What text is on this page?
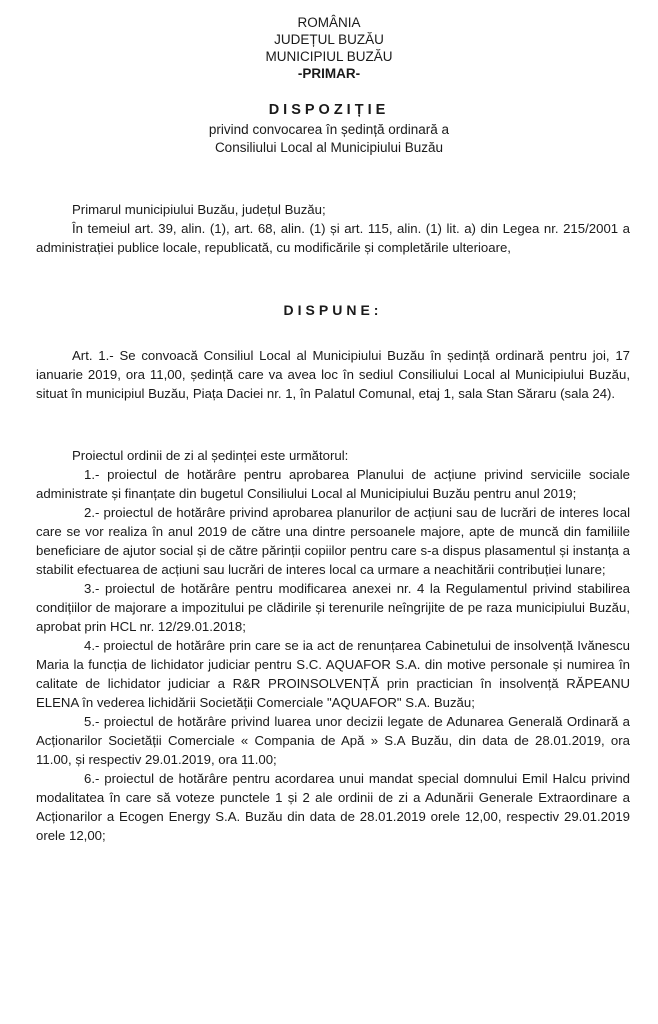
ROMÂNIA
JUDEȚUL BUZĂU
MUNICIPIUL BUZĂU
-PRIMAR-
DISPOZIȚIE
privind convocarea în ședință ordinară a
Consiliului Local al Municipiului Buzău

Primarul municipiului Buzău, județul Buzău;

În temeiul art. 39, alin. (1), art. 68, alin. (1) și art. 115, alin. (1) lit. a) din Legea nr. 215/2001 a administrației publice locale, republicată, cu modificările și completările ulterioare,

DISPUNE:

Art. 1.- Se convoacă Consiliul Local al Municipiului Buzău în ședință ordinară pentru joi, 17 ianuarie 2019, ora 11,00, ședință care va avea loc în sediul Consiliului Local al Municipiului Buzău, situat în municipiul Buzău, Piața Daciei nr. 1, în Palatul Comunal, etaj 1, sala Stan Săraru (sala 24).

Proiectul ordinii de zi al ședinței este următorul:

1.- proiectul de hotărâre pentru aprobarea Planului de acțiune privind serviciile sociale administrate și finanțate din bugetul Consiliului Local al Municipiului Buzău pentru anul 2019;

2.- proiectul de hotărâre privind aprobarea planurilor de acțiuni sau de lucrări de interes local care se vor realiza în anul 2019 de către una dintre persoanele majore, apte de muncă din familiile beneficiare de ajutor social și de către părinții copiilor pentru care s-a dispus plasamentul și instanța a stabilit efectuarea de acțiuni sau lucrări de interes local ca urmare a neachitării contribuției lunare;

3.- proiectul de hotărâre pentru modificarea anexei nr. 4 la Regulamentul privind stabilirea condițiilor de majorare a impozitului pe clădirile și terenurile neîngrijite de pe raza municipiului Buzău, aprobat prin HCL nr. 12/29.01.2018;

4.- proiectul de hotărâre prin care se ia act de renunțarea Cabinetului de insolvență Ivănescu Maria la funcția de lichidator judiciar pentru S.C. AQUAFOR S.A. din motive personale și numirea în calitate de lichidator judiciar a R&R PROINSOLVENȚĂ prin practician în insolvență RĂPEANU ELENA în vederea lichidării Societății Comerciale "AQUAFOR" S.A. Buzău;

5.- proiectul de hotărâre privind luarea unor decizii legate de Adunarea Generală Ordinară a Acționarilor Societății Comerciale « Compania de Apă » S.A Buzău, din data de 28.01.2019, ora 11.00, și respectiv 29.01.2019, ora 11.00;

6.- proiectul de hotărâre pentru acordarea unui mandat special domnului Emil Halcu privind modalitatea în care să voteze punctele 1 și 2 ale ordinii de zi a Adunării Generale Extraordinare a Acționarilor a Ecogen Energy S.A. Buzău din data de 28.01.2019 orele 12,00, respectiv 29.01.2019 orele 12,00;
